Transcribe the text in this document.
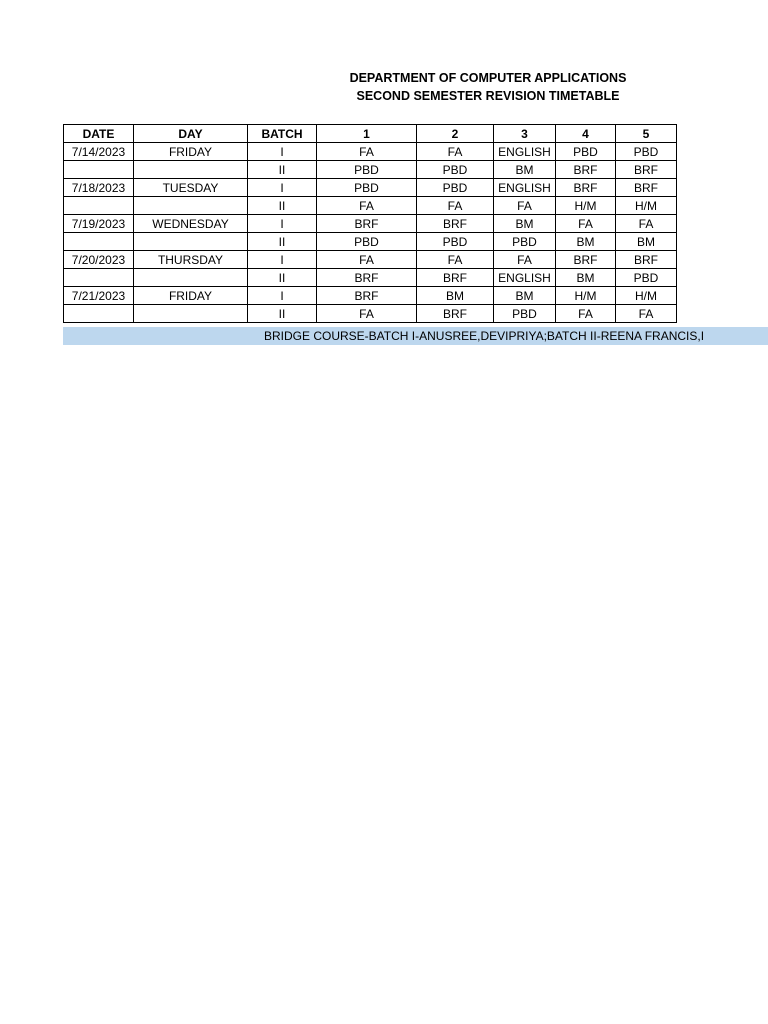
DEPARTMENT OF COMPUTER APPLICATIONS
SECOND SEMESTER REVISION TIMETABLE
DATE	DAY	BATCH	1	2	3	4	5
7/14/2023	FRIDAY	I	FA	FA	ENGLISH	PBD	PBD
		II	PBD	PBD	BM	BRF	BRF
7/18/2023	TUESDAY	I	PBD	PBD	ENGLISH	BRF	BRF
		II	FA	FA	FA	H/M	H/M
7/19/2023	WEDNESDAY	I	BRF	BRF	BM	FA	FA
		II	PBD	PBD	PBD	BM	BM
7/20/2023	THURSDAY	I	FA	FA	FA	BRF	BRF
		II	BRF	BRF	ENGLISH	BM	PBD
7/21/2023	FRIDAY	I	BRF	BM	BM	H/M	H/M
		II	FA	BRF	PBD	FA	FA
BRIDGE COURSE-BATCH I-ANUSREE,DEVIPRIYA;BATCH II-REENA FRANCIS,I
